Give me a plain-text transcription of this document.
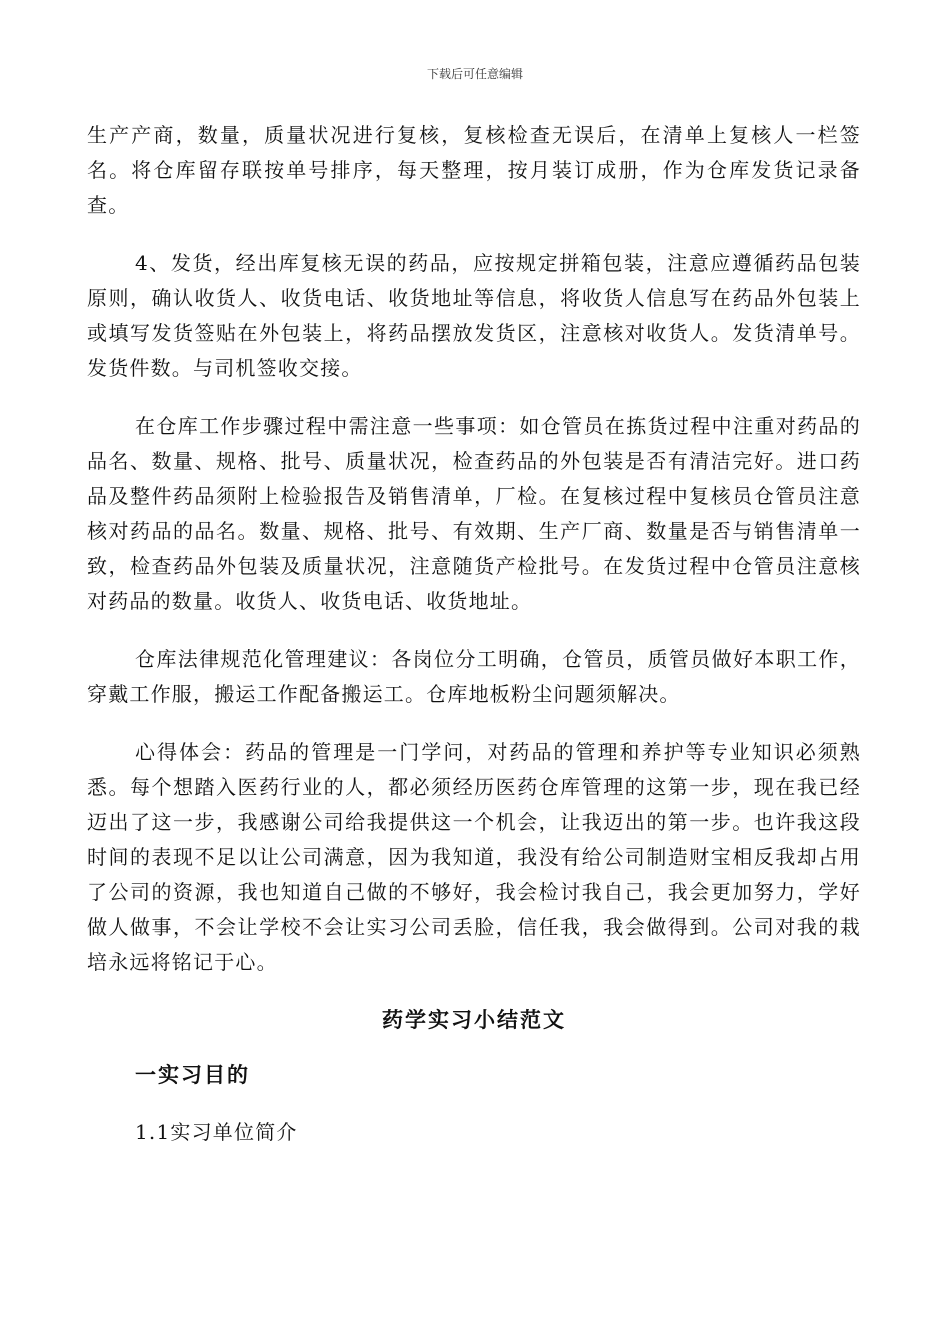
下载后可任意编辑

生产产商，数量，质量状况进行复核，复核检查无误后，在清单上复核人一栏签名。将仓库留存联按单号排序，每天整理，按月装订成册，作为仓库发货记录备查。

4、发货，经出库复核无误的药品，应按规定拼箱包装，注意应遵循药品包装原则，确认收货人、收货电话、收货地址等信息，将收货人信息写在药品外包装上或填写发货签贴在外包装上，将药品摆放发货区，注意核对收货人。发货清单号。发货件数。与司机签收交接。

在仓库工作步骤过程中需注意一些事项：如仓管员在拣货过程中注重对药品的品名、数量、规格、批号、质量状况，检查药品的外包装是否有清洁完好。进口药品及整件药品须附上检验报告及销售清单，厂检。在复核过程中复核员仓管员注意核对药品的品名。数量、规格、批号、有效期、生产厂商、数量是否与销售清单一致，检查药品外包装及质量状况，注意随货产检批号。在发货过程中仓管员注意核对药品的数量。收货人、收货电话、收货地址。

仓库法律规范化管理建议：各岗位分工明确，仓管员，质管员做好本职工作，穿戴工作服，搬运工作配备搬运工。仓库地板粉尘问题须解决。

心得体会：药品的管理是一门学问，对药品的管理和养护等专业知识必须熟悉。每个想踏入医药行业的人，都必须经历医药仓库管理的这第一步，现在我已经迈出了这一步，我感谢公司给我提供这一个机会，让我迈出的第一步。也许我这段时间的表现不足以让公司满意，因为我知道，我没有给公司制造财宝相反我却占用了公司的资源，我也知道自己做的不够好，我会检讨我自己，我会更加努力，学好做人做事，不会让学校不会让实习公司丢脸，信任我，我会做得到。公司对我的栽培永远将铭记于心。

药学实习小结范文
一实习目的
1.1实习单位简介
